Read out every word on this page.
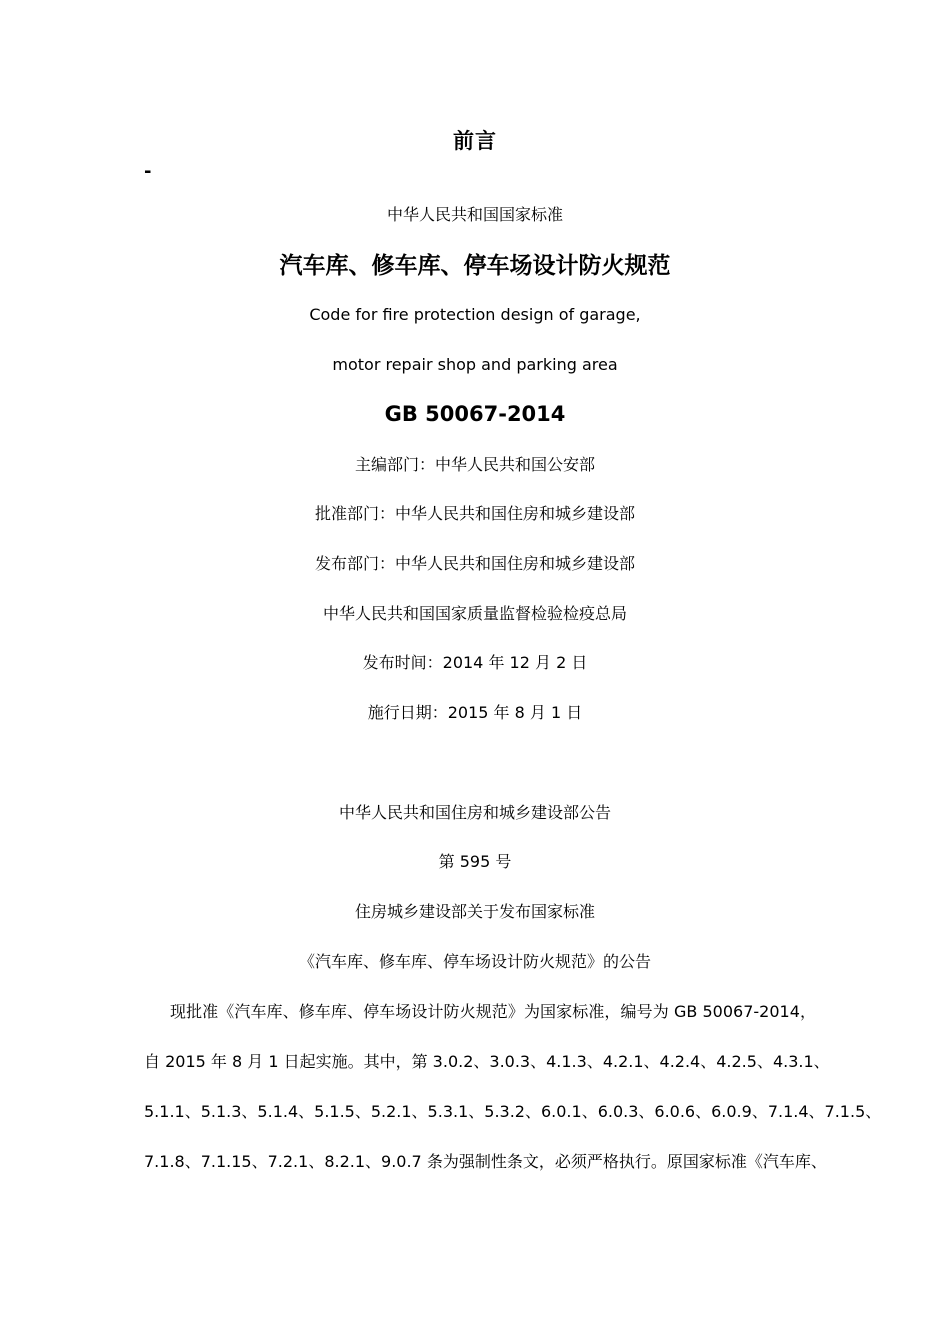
前言
-
中华人民共和国国家标准
汽车库、修车库、停车场设计防火规范
Code for fire protection design of garage,
motor repair shop and parking area
GB 50067-2014
主编部门：中华人民共和国公安部
批准部门：中华人民共和国住房和城乡建设部
发布部门：中华人民共和国住房和城乡建设部
中华人民共和国国家质量监督检验检疫总局
发布时间：2014 年 12 月 2 日
施行日期：2015 年 8 月 1 日
中华人民共和国住房和城乡建设部公告
第 595 号
住房城乡建设部关于发布国家标准
《汽车库、修车库、停车场设计防火规范》的公告
现批准《汽车库、修车库、停车场设计防火规范》为国家标准，编号为 GB 50067-2014，
自 2015 年 8 月 1 日起实施。其中，第 3.0.2、3.0.3、4.1.3、4.2.1、4.2.4、4.2.5、4.3.1、
5.1.1、5.1.3、5.1.4、5.1.5、5.2.1、5.3.1、5.3.2、6.0.1、6.0.3、6.0.6、6.0.9、7.1.4、7.1.5、
7.1.8、7.1.15、7.2.1、8.2.1、9.0.7 条为强制性条文，必须严格执行。原国家标准《汽车库、
